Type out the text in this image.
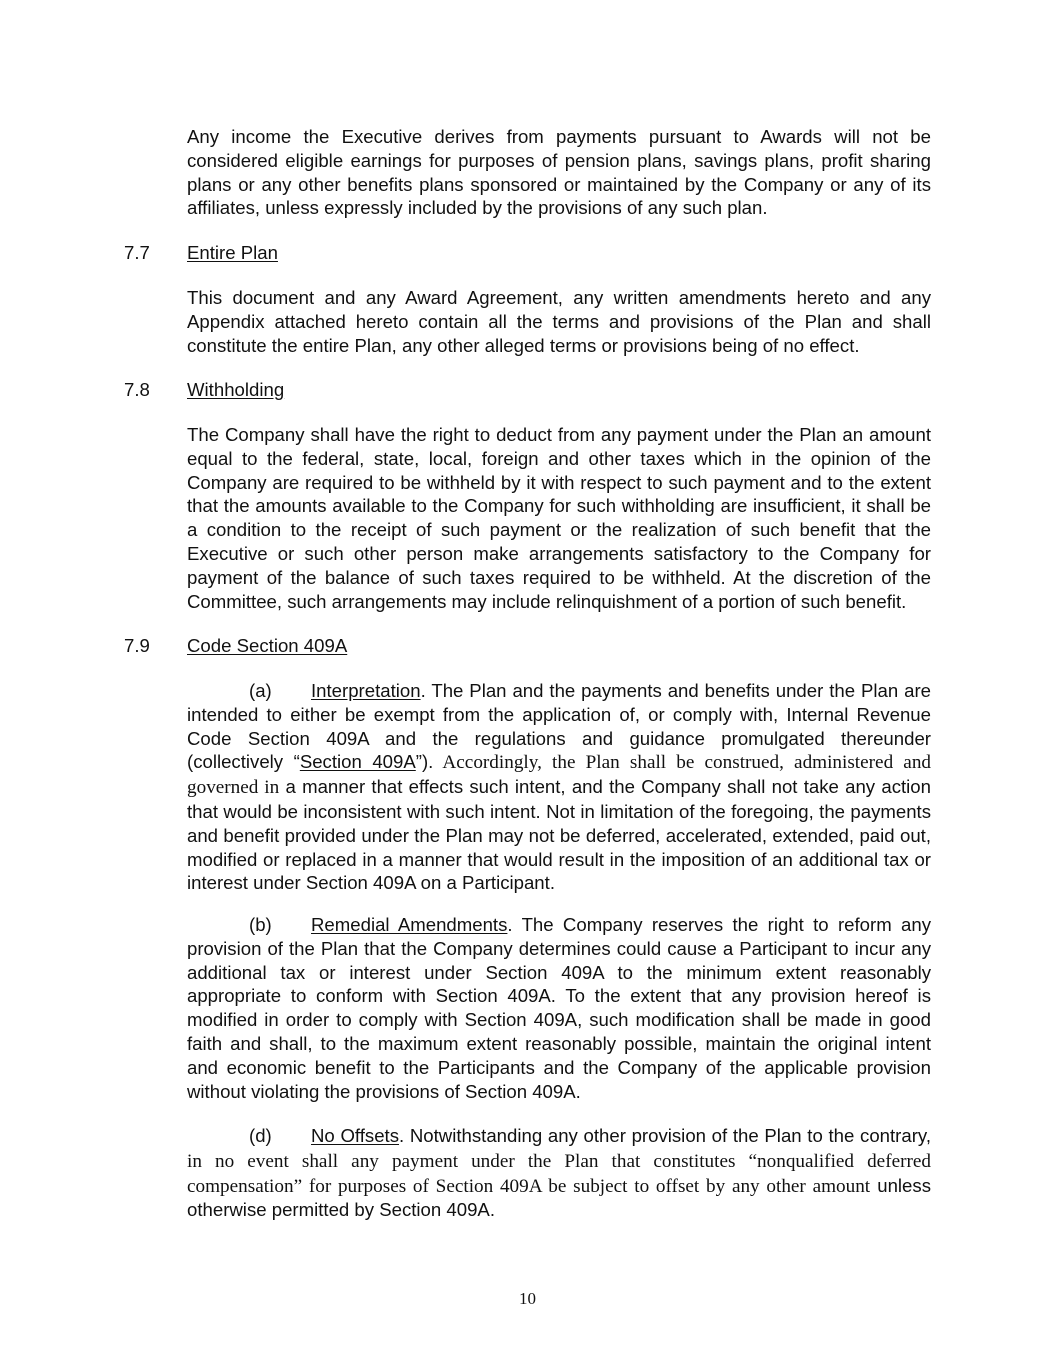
Any income the Executive derives from payments pursuant to Awards will not be considered eligible earnings for purposes of pension plans, savings plans, profit sharing plans or any other benefits plans sponsored or maintained by the Company or any of its affiliates, unless expressly included by the provisions of any such plan.

7.7 Entire Plan

This document and any Award Agreement, any written amendments hereto and any Appendix attached hereto contain all the terms and provisions of the Plan and shall constitute the entire Plan, any other alleged terms or provisions being of no effect.

7.8 Withholding

The Company shall have the right to deduct from any payment under the Plan an amount equal to the federal, state, local, foreign and other taxes which in the opinion of the Company are required to be withheld by it with respect to such payment and to the extent that the amounts available to the Company for such withholding are insufficient, it shall be a condition to the receipt of such payment or the realization of such benefit that the Executive or such other person make arrangements satisfactory to the Company for payment of the balance of such taxes required to be withheld. At the discretion of the Committee, such arrangements may include relinquishment of a portion of such benefit.

7.9 Code Section 409A

(a) Interpretation. The Plan and the payments and benefits under the Plan are intended to either be exempt from the application of, or comply with, Internal Revenue Code Section 409A and the regulations and guidance promulgated thereunder (collectively “Section 409A”). Accordingly, the Plan shall be construed, administered and governed in a manner that effects such intent, and the Company shall not take any action that would be inconsistent with such intent. Not in limitation of the foregoing, the payments and benefit provided under the Plan may not be deferred, accelerated, extended, paid out, modified or replaced in a manner that would result in the imposition of an additional tax or interest under Section 409A on a Participant.

(b) Remedial Amendments. The Company reserves the right to reform any provision of the Plan that the Company determines could cause a Participant to incur any additional tax or interest under Section 409A to the minimum extent reasonably appropriate to conform with Section 409A. To the extent that any provision hereof is modified in order to comply with Section 409A, such modification shall be made in good faith and shall, to the maximum extent reasonably possible, maintain the original intent and economic benefit to the Participants and the Company of the applicable provision without violating the provisions of Section 409A.

(d) No Offsets. Notwithstanding any other provision of the Plan to the contrary, in no event shall any payment under the Plan that constitutes “nonqualified deferred compensation” for purposes of Section 409A be subject to offset by any other amount unless otherwise permitted by Section 409A.

10
